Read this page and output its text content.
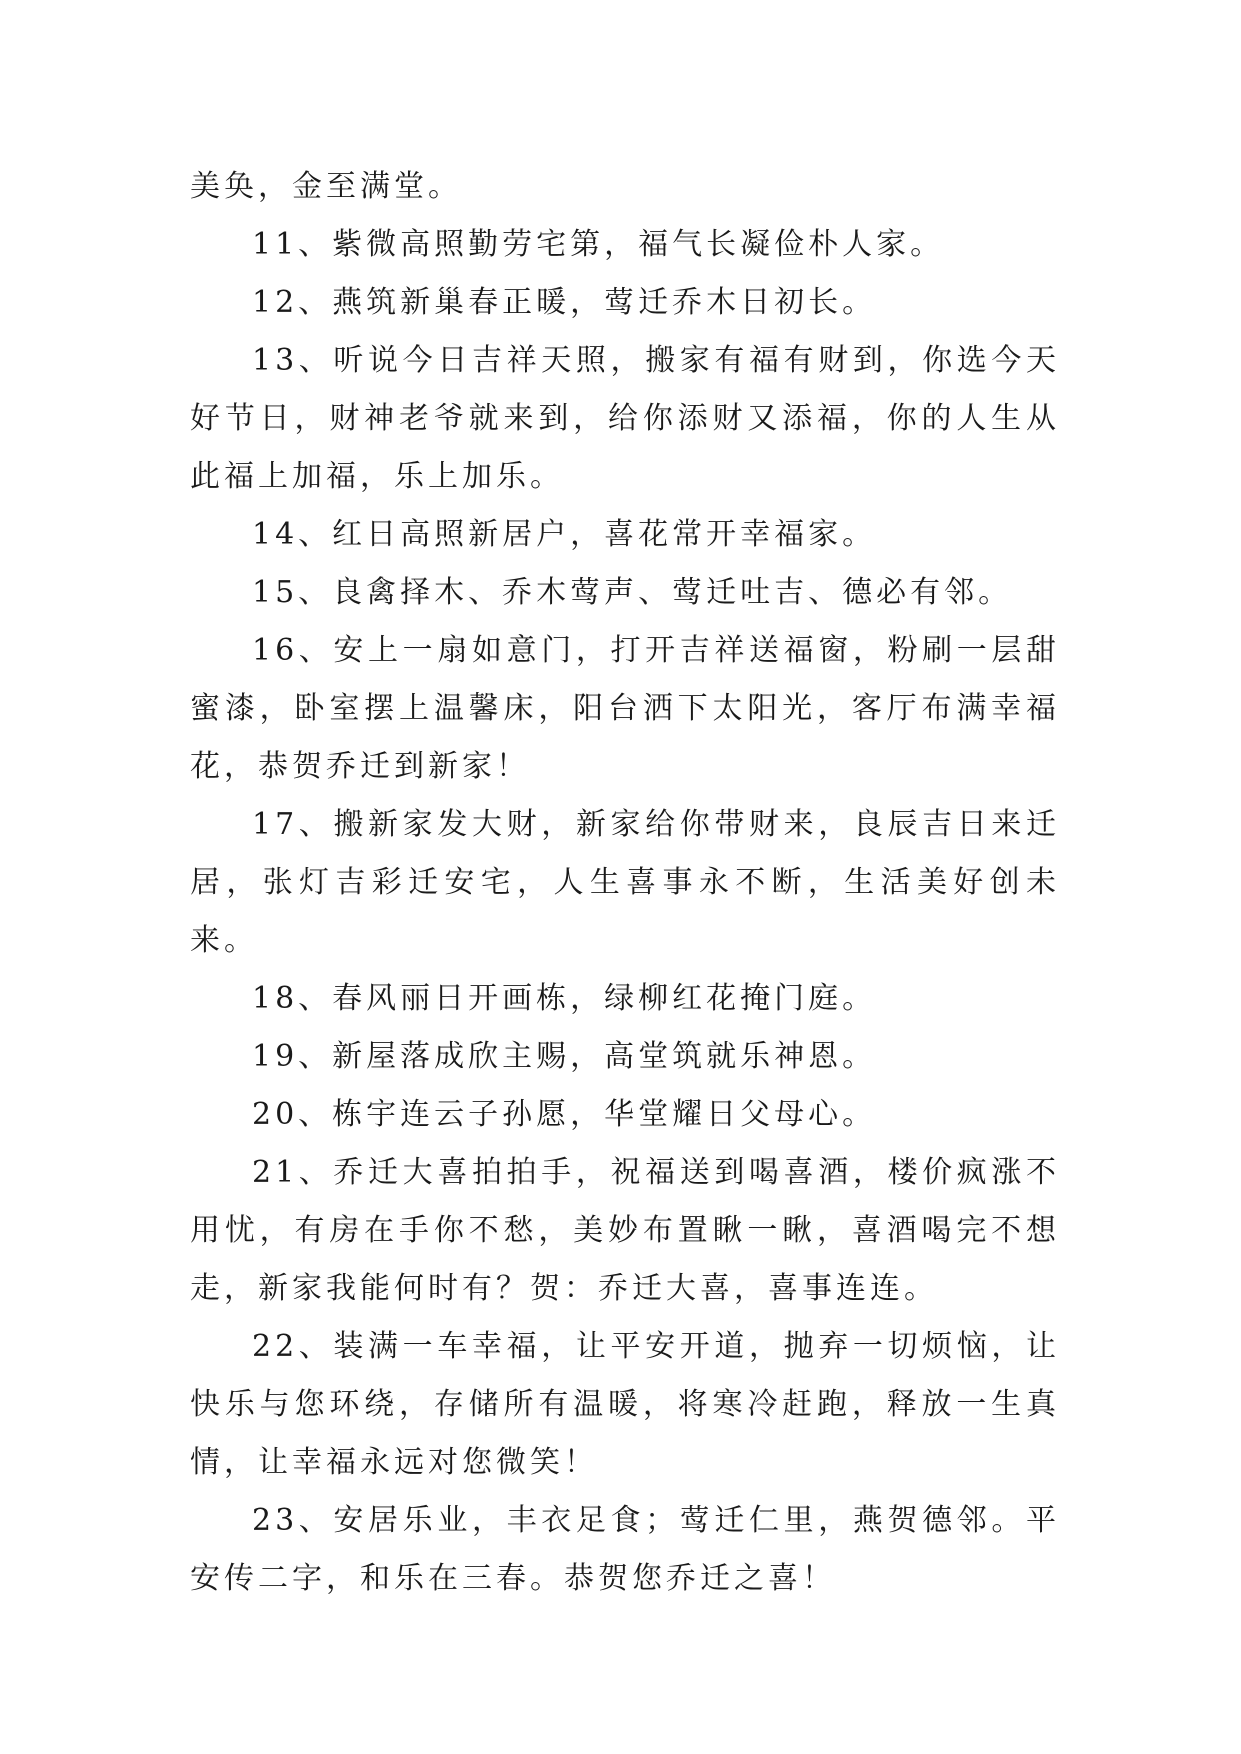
美奂，金至满堂。

11、紫微高照勤劳宅第，福气长凝俭朴人家。

12、燕筑新巢春正暖，莺迁乔木日初长。

13、听说今日吉祥天照，搬家有福有财到，你选今天好节日，财神老爷就来到，给你添财又添福，你的人生从此福上加福，乐上加乐。

14、红日高照新居户，喜花常开幸福家。

15、良禽择木、乔木莺声、莺迁吐吉、德必有邻。

16、安上一扇如意门，打开吉祥送福窗，粉刷一层甜蜜漆，卧室摆上温馨床，阳台洒下太阳光，客厅布满幸福花，恭贺乔迁到新家！

17、搬新家发大财，新家给你带财来，良辰吉日来迁居，张灯吉彩迁安宅，人生喜事永不断，生活美好创未来。

18、春风丽日开画栋，绿柳红花掩门庭。

19、新屋落成欣主赐，高堂筑就乐神恩。

20、栋宇连云子孙愿，华堂耀日父母心。

21、乔迁大喜拍拍手，祝福送到喝喜酒，楼价疯涨不用忧，有房在手你不愁，美妙布置瞅一瞅，喜酒喝完不想走，新家我能何时有？贺：乔迁大喜，喜事连连。

22、装满一车幸福，让平安开道，抛弃一切烦恼，让快乐与您环绕，存储所有温暖，将寒冷赶跑，释放一生真情，让幸福永远对您微笑！

23、安居乐业，丰衣足食；莺迁仁里，燕贺德邻。平安传二字，和乐在三春。恭贺您乔迁之喜！
